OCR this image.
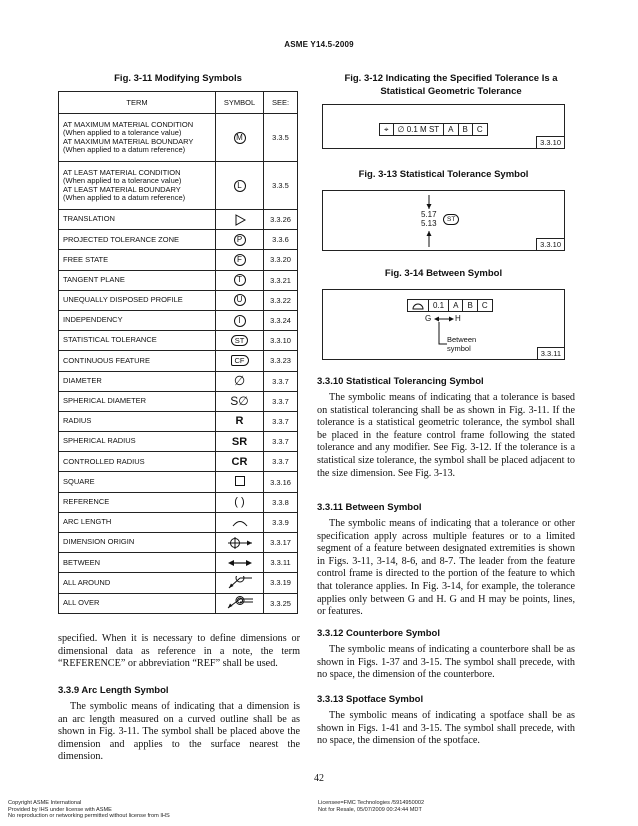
ASME Y14.5-2009
Fig. 3-11 Modifying Symbols
TERM	SYMBOL	SEE:

AT MAXIMUM MATERIAL CONDITION
(When applied to a tolerance value)
AT MAXIMUM MATERIAL BOUNDARY
(When applied to a datum reference)	M	3.3.5

AT LEAST MATERIAL CONDITION
(When applied to a tolerance value)
AT LEAST MATERIAL BOUNDARY
(When applied to a datum reference)	L	3.3.5
TRANSLATION		3.3.26
PROJECTED TOLERANCE ZONE	P	3.3.6
FREE STATE	F	3.3.20
TANGENT PLANE	T	3.3.21
UNEQUALLY DISPOSED PROFILE	U	3.3.22
INDEPENDENCY	I	3.3.24
STATISTICAL TOLERANCE	ST	3.3.10
CONTINUOUS FEATURE	CF	3.3.23
DIAMETER	∅	3.3.7
SPHERICAL DIAMETER	S∅	3.3.7
RADIUS	R	3.3.7
SPHERICAL RADIUS	SR	3.3.7
CONTROLLED RADIUS	CR	3.3.7
SQUARE		3.3.16
REFERENCE	( )	3.3.8
ARC LENGTH		3.3.9
DIMENSION ORIGIN		3.3.17
BETWEEN		3.3.11
ALL AROUND		3.3.19
ALL OVER		3.3.25
Fig. 3-12 Indicating the Specified Tolerance Is a Statistical Geometric Tolerance
⌖	∅ 0.1 M ST	A	B	C
3.3.10
Fig. 3-13 Statistical Tolerance Symbol
5.17
5.13	ST
3.3.10
Fig. 3-14 Between Symbol
0.1	A	B	C
G	H
Between
symbol
3.3.11
3.3.10 Statistical Tolerancing Symbol
The symbolic means of indicating that a tolerance is based on statistical tolerancing shall be as shown in Fig. 3-11. If the tolerance is a statistical geometric tolerance, the symbol shall be placed in the feature control frame following the stated tolerance and any modifier. See Fig. 3-12. If the tolerance is a statistical size tolerance, the symbol shall be placed adjacent to the size dimension. See Fig. 3-13.
3.3.11 Between Symbol
The symbolic means of indicating that a tolerance or other specification apply across multiple features or to a limited segment of a feature between designated extremities is shown in Figs. 3-11, 3-14, 8-6, and 8-7. The leader from the feature control frame is directed to the portion of the feature to which that tolerance applies. In Fig. 3-14, for example, the tolerance applies only between G and H. G and H may be points, lines, or features.
3.3.12 Counterbore Symbol
The symbolic means of indicating a counterbore shall be as shown in Figs. 1-37 and 3-15. The symbol shall precede, with no space, the dimension of the counterbore.
3.3.13 Spotface Symbol
The symbolic means of indicating a spotface shall be as shown in Figs. 1-41 and 3-15. The symbol shall precede, with no space, the dimension of the spotface.
specified. When it is necessary to define dimensions or dimensional data as reference in a note, the term “REFERENCE” or abbreviation “REF” shall be used.
3.3.9 Arc Length Symbol
The symbolic means of indicating that a dimension is an arc length measured on a curved outline shall be as shown in Fig. 3-11. The symbol shall be placed above the dimension and applies to the surface nearest the dimension.
42
Copyright ASME International
Provided by IHS under license with ASME
No reproduction or networking permitted without license from IHS
Licensee=FMC Technologies /5914950002
Not for Resale, 05/07/2009 00:24:44 MDT
